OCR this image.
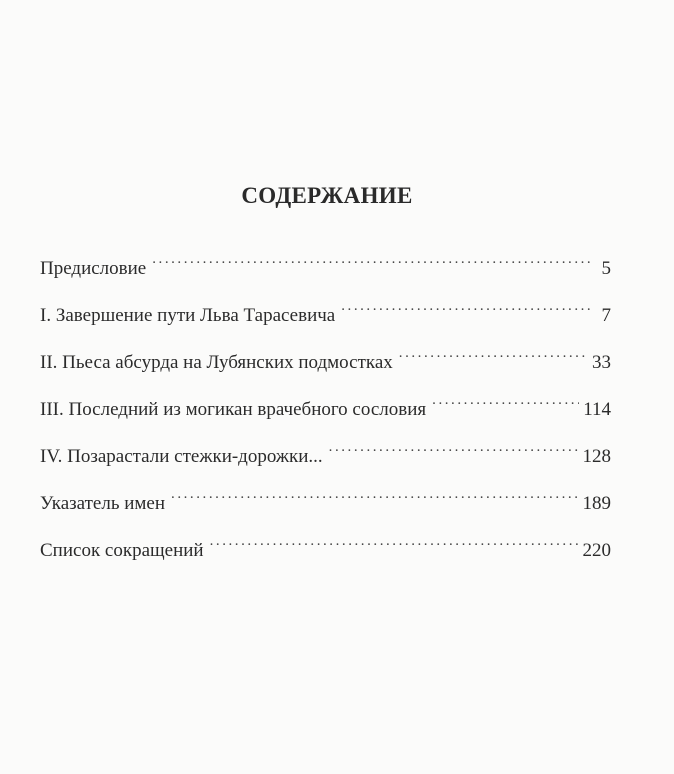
СОДЕРЖАНИЕ
Предисловие . . .	5
I. Завершение пути Льва Тарасевича . . .	7
II. Пьеса абсурда на Лубянских подмостках . . .	33
III. Последний из могикан врачебного сословия . . .	114
IV. Позарастали стежки-дорожки... . . .	128
Указатель имен . . .	189
Список сокращений . . .	220
